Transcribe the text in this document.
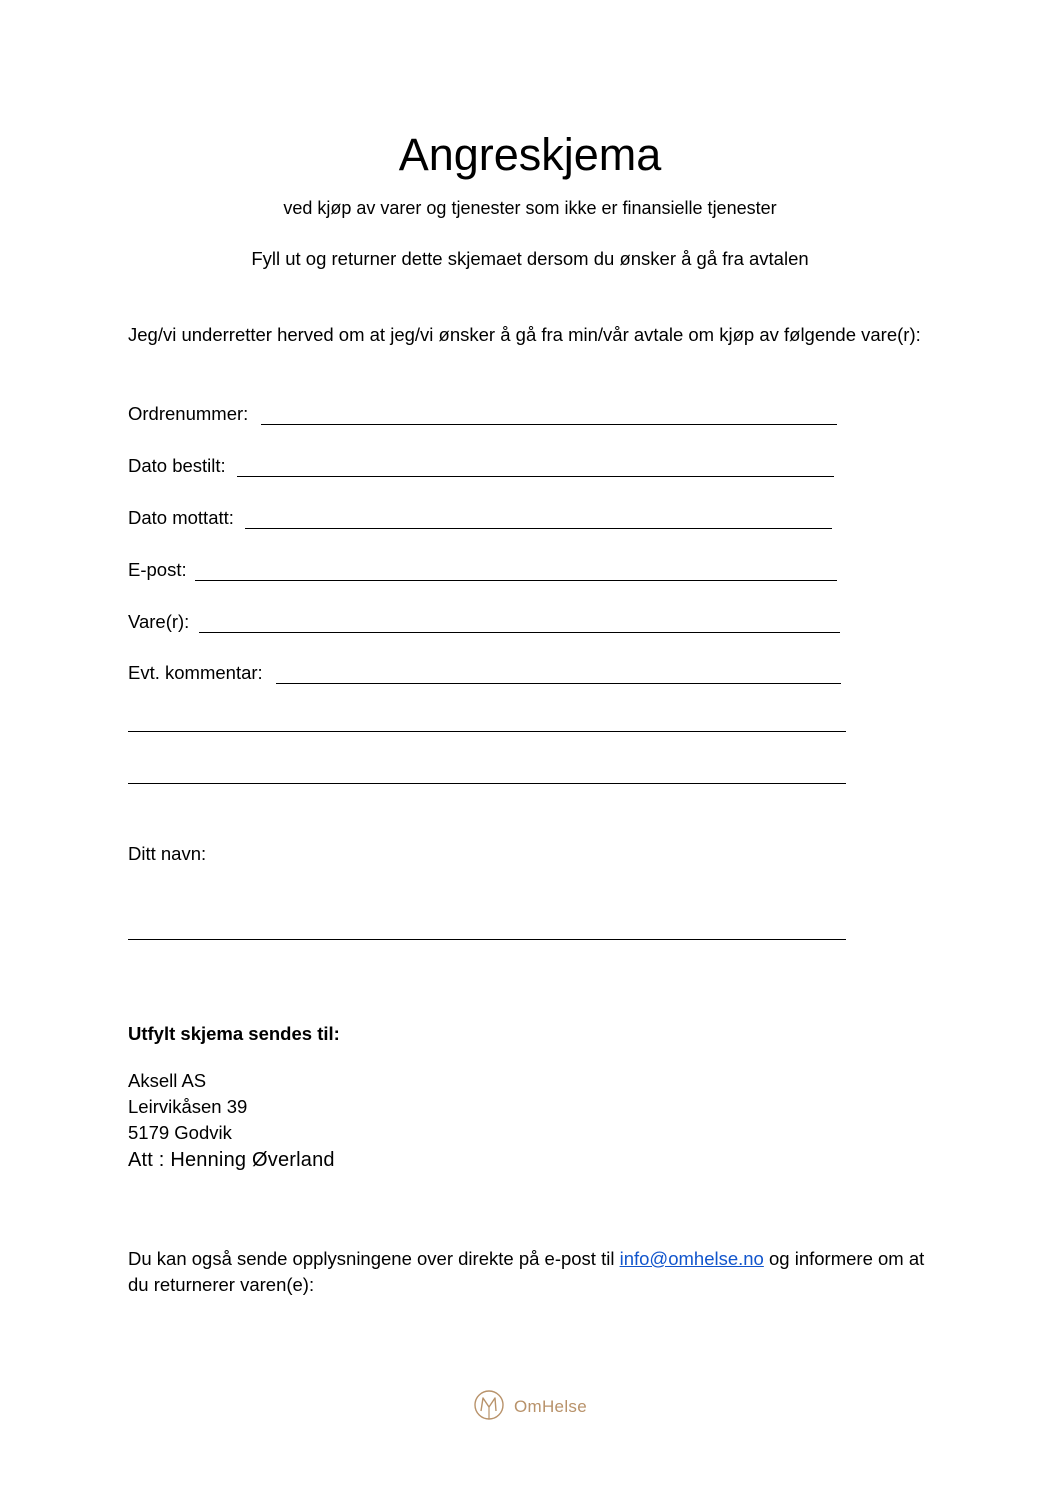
Angreskjema
ved kjøp av varer og tjenester som ikke er finansielle tjenester
Fyll ut og returner dette skjemaet dersom du ønsker å gå fra avtalen
Jeg/vi underretter herved om at jeg/vi ønsker å gå fra min/vår avtale om kjøp av følgende vare(r):
Ordrenummer:
Dato bestilt:
Dato mottatt:
E-post:
Vare(r):
Evt. kommentar:
Ditt navn:
Utfylt skjema sendes til:
Aksell AS
Leirvikåsen 39
5179 Godvik
Att : Henning Øverland
Du kan også sende opplysningene over direkte på e-post til info@omhelse.no og informere om at du returnerer varen(e):
OmHelse
